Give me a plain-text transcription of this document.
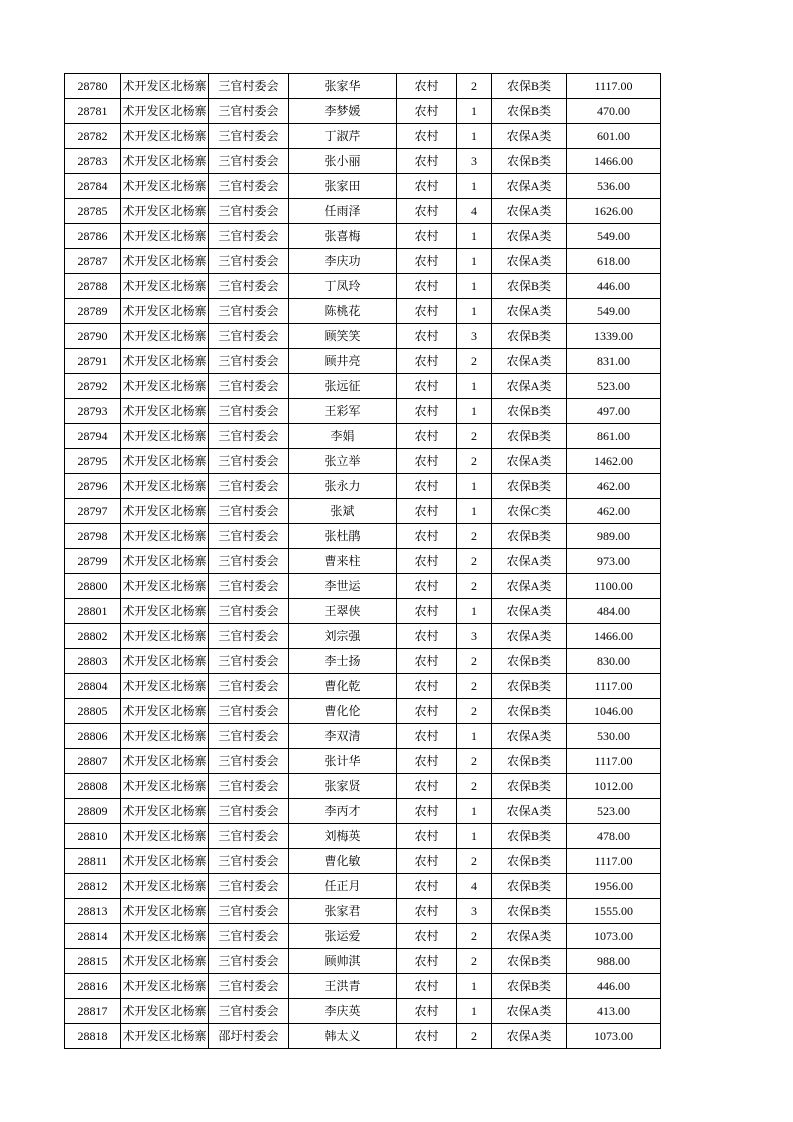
28780	术开发区北杨寨	三官村委会	张家华	农村	2	农保B类	1117.00
28781	术开发区北杨寨	三官村委会	李梦媛	农村	1	农保B类	470.00
28782	术开发区北杨寨	三官村委会	丁淑芹	农村	1	农保A类	601.00
28783	术开发区北杨寨	三官村委会	张小丽	农村	3	农保B类	1466.00
28784	术开发区北杨寨	三官村委会	张家田	农村	1	农保A类	536.00
28785	术开发区北杨寨	三官村委会	任雨泽	农村	4	农保A类	1626.00
28786	术开发区北杨寨	三官村委会	张喜梅	农村	1	农保A类	549.00
28787	术开发区北杨寨	三官村委会	李庆功	农村	1	农保A类	618.00
28788	术开发区北杨寨	三官村委会	丁凤玲	农村	1	农保B类	446.00
28789	术开发区北杨寨	三官村委会	陈桃花	农村	1	农保A类	549.00
28790	术开发区北杨寨	三官村委会	顾笑笑	农村	3	农保B类	1339.00
28791	术开发区北杨寨	三官村委会	顾井亮	农村	2	农保A类	831.00
28792	术开发区北杨寨	三官村委会	张远征	农村	1	农保A类	523.00
28793	术开发区北杨寨	三官村委会	王彩军	农村	1	农保B类	497.00
28794	术开发区北杨寨	三官村委会	李娟	农村	2	农保B类	861.00
28795	术开发区北杨寨	三官村委会	张立举	农村	2	农保A类	1462.00
28796	术开发区北杨寨	三官村委会	张永力	农村	1	农保B类	462.00
28797	术开发区北杨寨	三官村委会	张斌	农村	1	农保C类	462.00
28798	术开发区北杨寨	三官村委会	张杜鹃	农村	2	农保B类	989.00
28799	术开发区北杨寨	三官村委会	曹来柱	农村	2	农保A类	973.00
28800	术开发区北杨寨	三官村委会	李世运	农村	2	农保A类	1100.00
28801	术开发区北杨寨	三官村委会	王翠侠	农村	1	农保A类	484.00
28802	术开发区北杨寨	三官村委会	刘宗强	农村	3	农保A类	1466.00
28803	术开发区北杨寨	三官村委会	李士扬	农村	2	农保B类	830.00
28804	术开发区北杨寨	三官村委会	曹化乾	农村	2	农保B类	1117.00
28805	术开发区北杨寨	三官村委会	曹化伦	农村	2	农保B类	1046.00
28806	术开发区北杨寨	三官村委会	李双清	农村	1	农保A类	530.00
28807	术开发区北杨寨	三官村委会	张计华	农村	2	农保B类	1117.00
28808	术开发区北杨寨	三官村委会	张家贤	农村	2	农保B类	1012.00
28809	术开发区北杨寨	三官村委会	李丙才	农村	1	农保A类	523.00
28810	术开发区北杨寨	三官村委会	刘梅英	农村	1	农保B类	478.00
28811	术开发区北杨寨	三官村委会	曹化敏	农村	2	农保B类	1117.00
28812	术开发区北杨寨	三官村委会	任正月	农村	4	农保B类	1956.00
28813	术开发区北杨寨	三官村委会	张家君	农村	3	农保B类	1555.00
28814	术开发区北杨寨	三官村委会	张运爱	农村	2	农保A类	1073.00
28815	术开发区北杨寨	三官村委会	顾帅淇	农村	2	农保B类	988.00
28816	术开发区北杨寨	三官村委会	王洪青	农村	1	农保B类	446.00
28817	术开发区北杨寨	三官村委会	李庆英	农村	1	农保A类	413.00
28818	术开发区北杨寨	邵圩村委会	韩太义	农村	2	农保A类	1073.00
